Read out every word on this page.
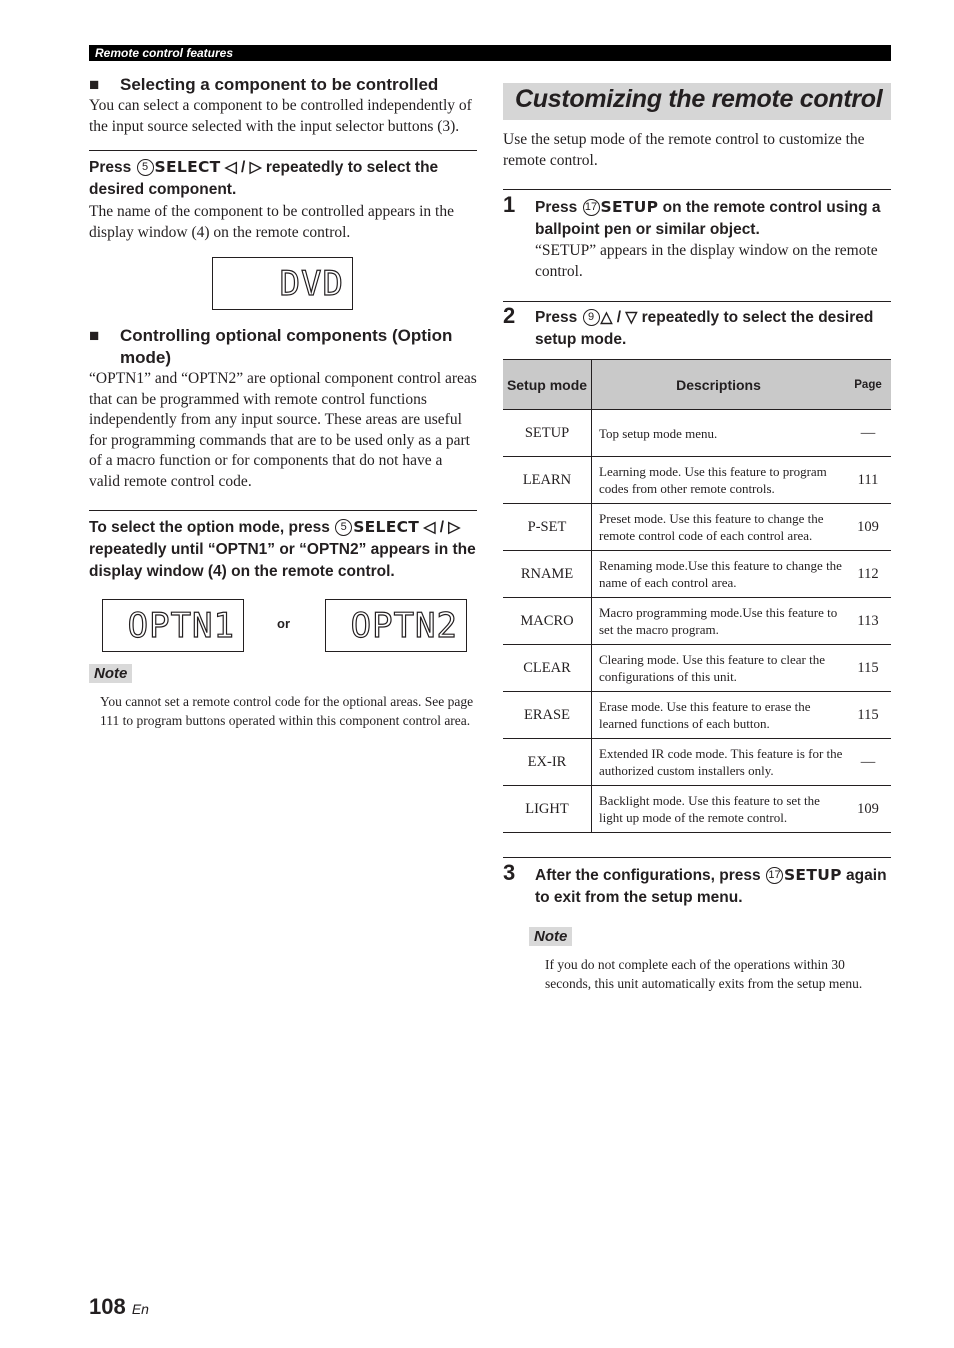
Remote control features
■	Selecting a component to be controlled

You can select a component to be controlled independently of the input source selected with the input selector buttons (3).

Press 5 SELECT ◁ / ▷ repeatedly to select the desired component.

The name of the component to be controlled appears in the display window (4) on the remote control.

DVD
■	Controlling optional components (Option mode)

“OPTN1” and “OPTN2” are optional component control areas that can be programmed with remote control functions independently from any input source. These areas are useful for programming commands that are to be used only as a part of a macro function or for components that do not have a valid remote control code.

To select the option mode, press 5 SELECT ◁ / ▷ repeatedly until “OPTN1” or “OPTN2” appears in the display window (4) on the remote control.

OPTN1	or OPTN2
Note

You cannot set a remote control code for the optional areas. See page 111 to program buttons operated within this component control area.

Customizing the remote control

Use the setup mode of the remote control to customize the remote control.

1 Press 17 SETUP on the remote control using a ballpoint pen or similar object.

“SETUP” appears in the display window on the remote control.

2 Press 9 △ / ▽ repeatedly to select the desired setup mode.

Setup mode	Descriptions	Page
SETUP	Top setup mode menu.	—
LEARN	Learning mode. Use this feature to program codes from other remote controls.	111
P-SET	Preset mode. Use this feature to change the remote control code of each control area.	109
RNAME	Renaming mode.Use this feature to change the name of each control area.	112
MACRO	Macro programming mode.Use this feature to set the macro program.	113
CLEAR	Clearing mode. Use this feature to clear the configurations of this unit.	115
ERASE	Erase mode. Use this feature to erase the learned functions of each button.	115
EX-IR	Extended IR code mode. This feature is for the authorized custom installers only.	—
LIGHT	Backlight mode. Use this feature to set the light up mode of the remote control.	109
3 After the configurations, press 17 SETUP again to exit from the setup menu.

Note

If you do not complete each of the operations within 30 seconds, this unit automatically exits from the setup menu.

108 En
